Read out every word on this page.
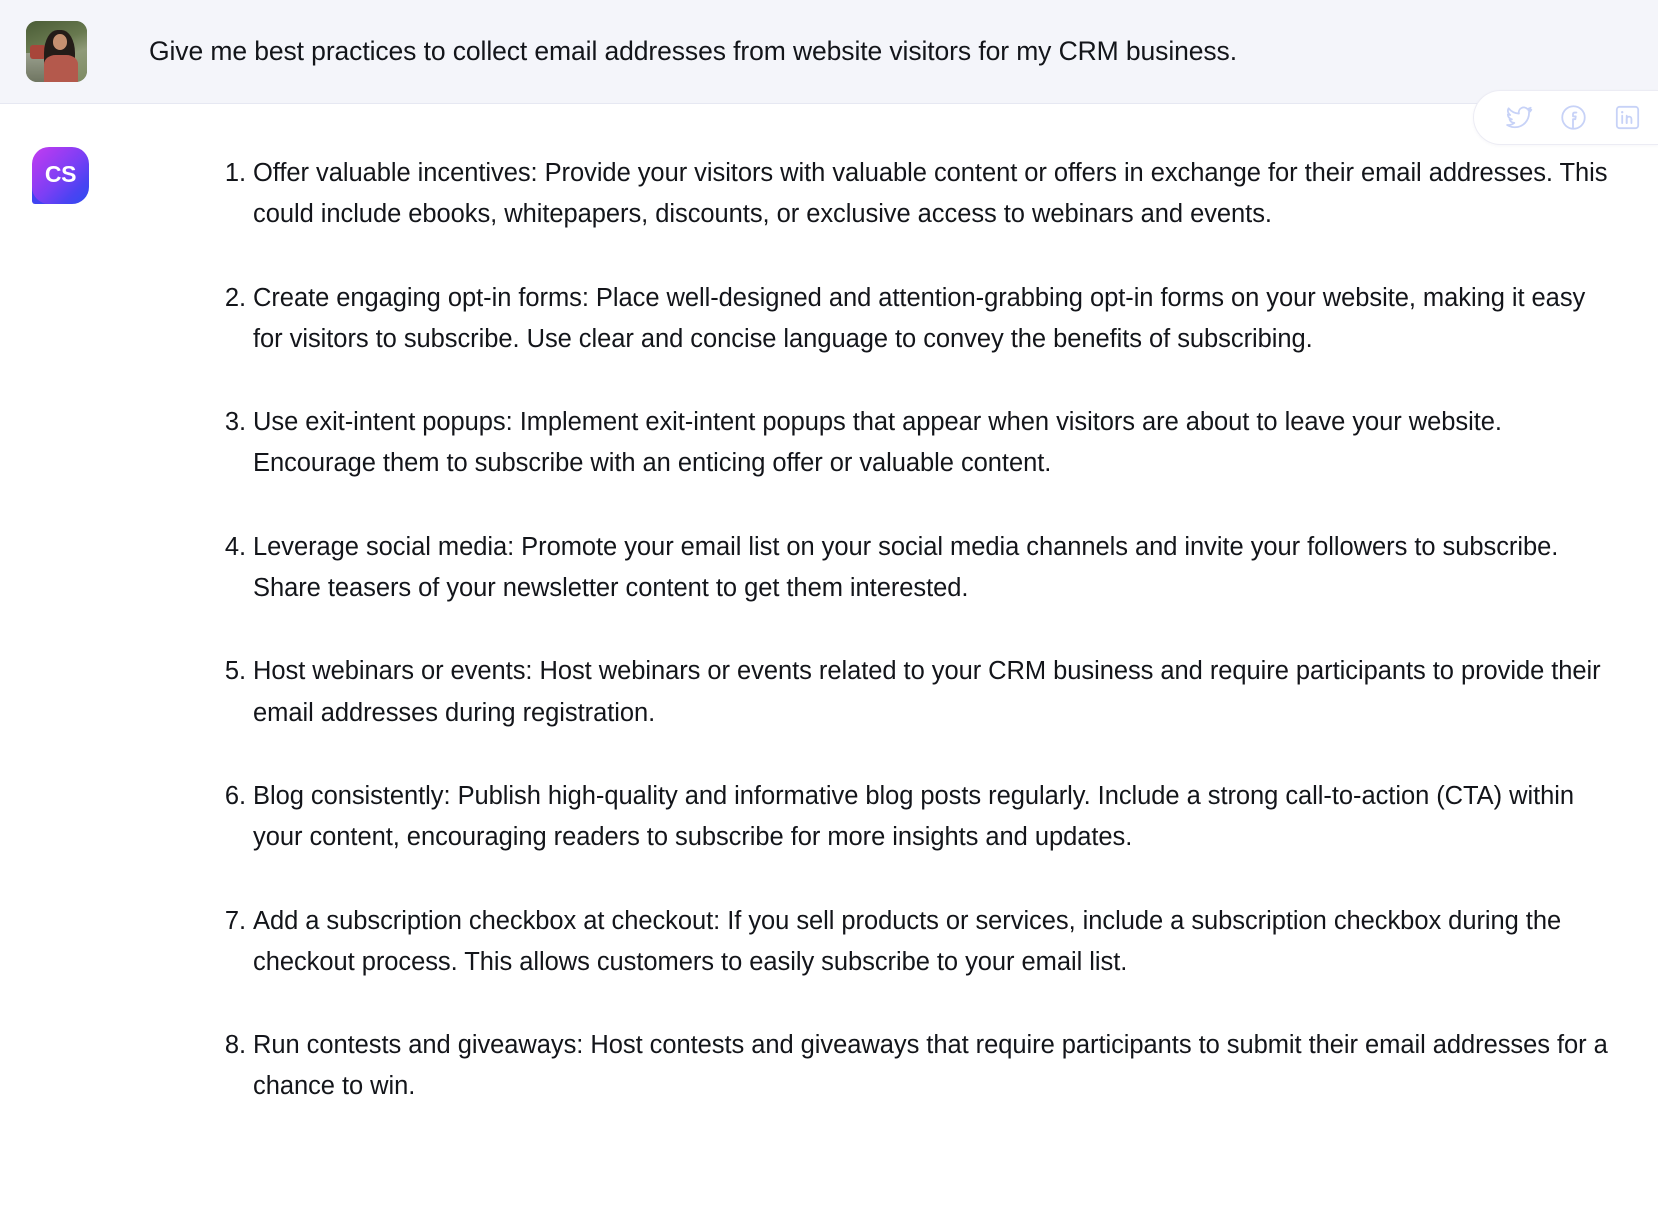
Give me best practices to collect email addresses from website visitors for my CRM business.
CS	Offer valuable incentives: Provide your visitors with valuable content or offers in exchange for their email addresses. This could include ebooks, whitepapers, discounts, or exclusive access to webinars and events.
Create engaging opt-in forms: Place well-designed and attention-grabbing opt-in forms on your website, making it easy for visitors to subscribe. Use clear and concise language to convey the benefits of subscribing.
Use exit-intent popups: Implement exit-intent popups that appear when visitors are about to leave your website. Encourage them to subscribe with an enticing offer or valuable content.
Leverage social media: Promote your email list on your social media channels and invite your followers to subscribe. Share teasers of your newsletter content to get them interested.
Host webinars or events: Host webinars or events related to your CRM business and require participants to provide their email addresses during registration.
Blog consistently: Publish high-quality and informative blog posts regularly. Include a strong call-to-action (CTA) within your content, encouraging readers to subscribe for more insights and updates.
Add a subscription checkbox at checkout: If you sell products or services, include a subscription checkbox during the checkout process. This allows customers to easily subscribe to your email list.
Run contests and giveaways: Host contests and giveaways that require participants to submit their email addresses for a chance to win.
